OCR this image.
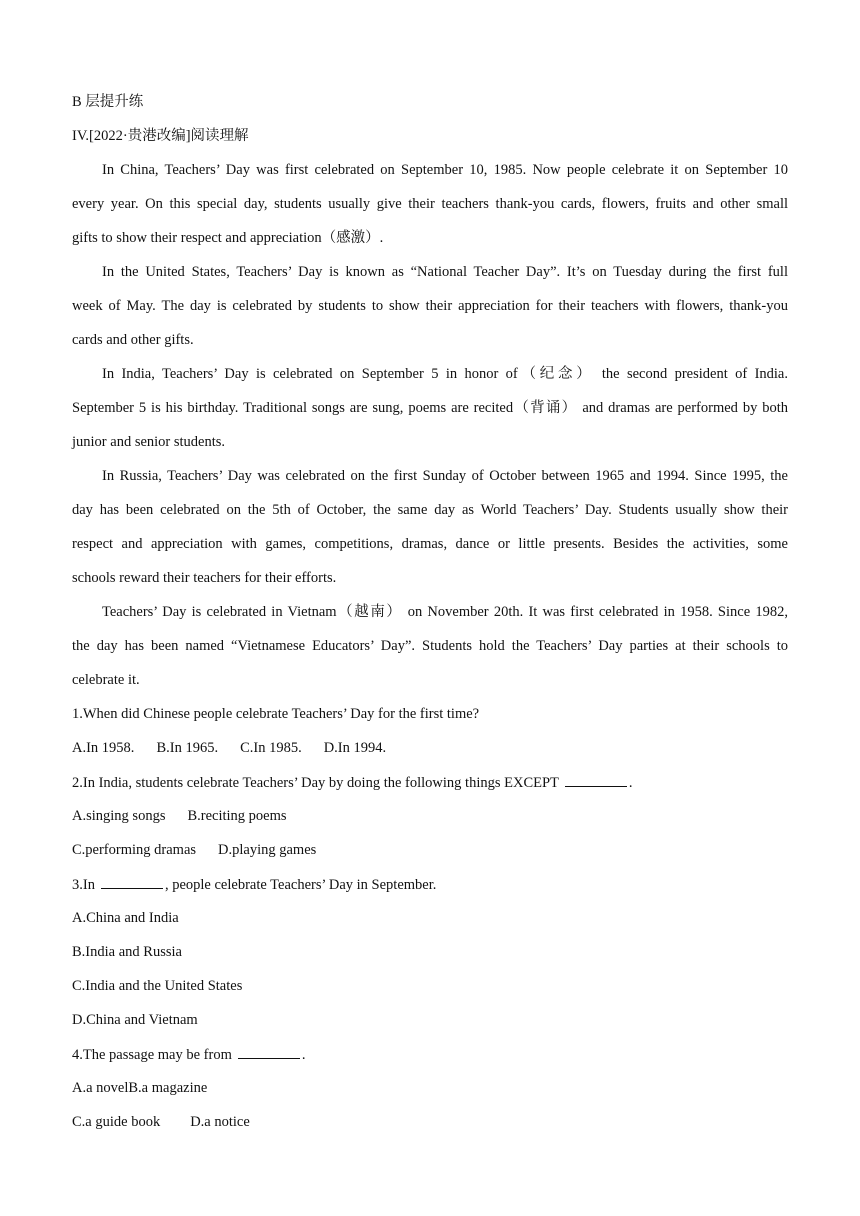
B 层提升练
IV.[2022·贵港改编]阅读理解
In China, Teachers’ Day was first celebrated on September 10, 1985. Now people celebrate it on September 10
every year. On this special day, students usually give their teachers thank-you cards, flowers, fruits and other small
gifts to show their respect and appreciation（感激）.
In the United States, Teachers’ Day is known as “National Teacher Day”. It’s on Tuesday during the first full
week of May. The day is celebrated by students to show their appreciation for their teachers with flowers, thank-you
cards and other gifts.
In India, Teachers’ Day is celebrated on September 5 in honor of（纪念） the second president of India.
September 5 is his birthday. Traditional songs are sung, poems are recited（背诵） and dramas are performed by both
junior and senior students.
In Russia, Teachers’ Day was celebrated on the first Sunday of October between 1965 and 1994. Since 1995, the
day has been celebrated on the 5th of October, the same day as World Teachers’ Day. Students usually show their
respect and appreciation with games, competitions, dramas, dance or little presents. Besides the activities, some
schools reward their teachers for their efforts.
Teachers’ Day is celebrated in Vietnam（越南） on November 20th. It was first celebrated in 1958. Since 1982,
the day has been named “Vietnamese Educators’ Day”. Students hold the Teachers’ Day parties at their schools to
celebrate it.
1.When did Chinese people celebrate Teachers’ Day for the first time?
A.In 1958. B.In 1965. C.In 1985. D.In 1994.
2.In India, students celebrate Teachers’ Day by doing the following things EXCEPT	.
A.singing songs B.reciting poems
C.performing dramas D.playing games
3.In	, people celebrate Teachers’ Day in September.
A.China and India
B.India and Russia
C.India and the United States
D.China and Vietnam
4.The passage may be from	.
A.a novelB.a magazine
C.a guide book D.a notice
